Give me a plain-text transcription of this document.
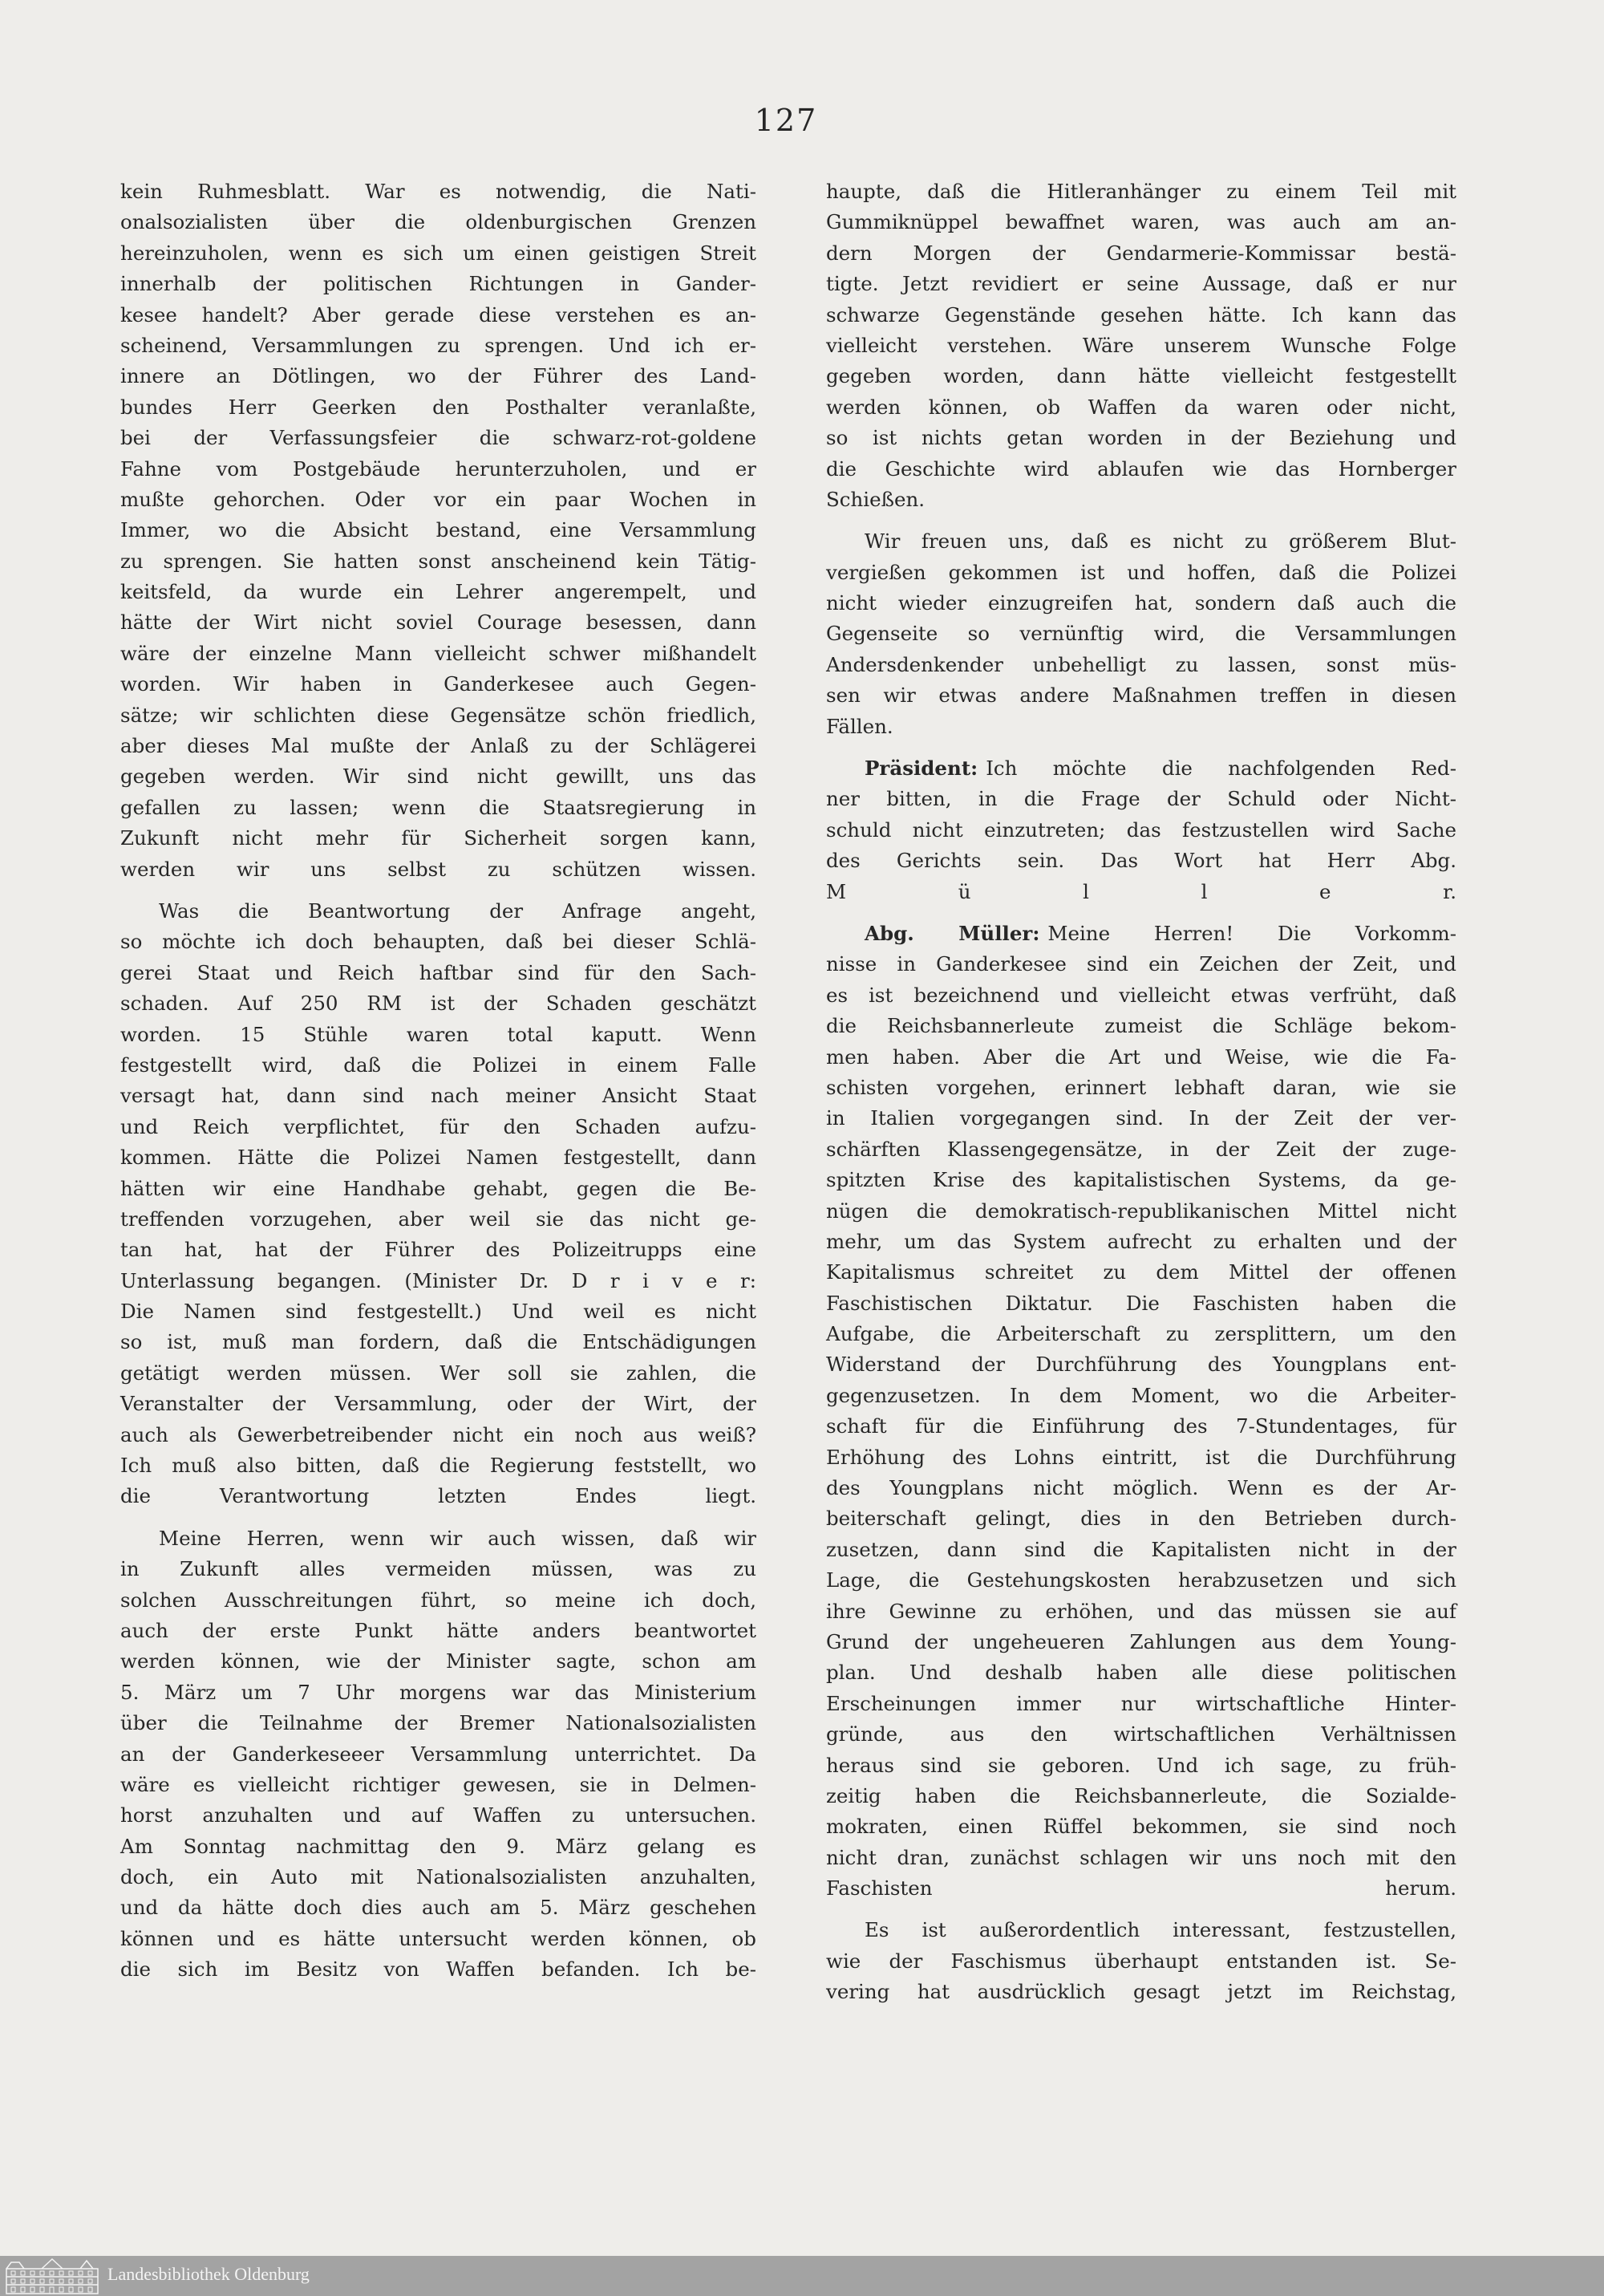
127
kein Ruhmesblatt. War es notwendig, die Nati-
onalsozialisten über die oldenburgischen Grenzen
hereinzuholen, wenn es sich um einen geistigen Streit
innerhalb der politischen Richtungen in Gander-
kesee handelt? Aber gerade diese verstehen es an-
scheinend, Versammlungen zu sprengen. Und ich er-
innere an Dötlingen, wo der Führer des Land-
bundes Herr Geerken den Posthalter veranlaßte,
bei der Verfassungsfeier die schwarz-rot-goldene
Fahne vom Postgebäude herunterzuholen, und er
mußte gehorchen. Oder vor ein paar Wochen in
Immer, wo die Absicht bestand, eine Versammlung
zu sprengen. Sie hatten sonst anscheinend kein Tätig-
keitsfeld, da wurde ein Lehrer angerempelt, und
hätte der Wirt nicht soviel Courage besessen, dann
wäre der einzelne Mann vielleicht schwer mißhandelt
worden. Wir haben in Ganderkesee auch Gegen-
sätze; wir schlichten diese Gegensätze schön friedlich,
aber dieses Mal mußte der Anlaß zu der Schlägerei
gegeben werden. Wir sind nicht gewillt, uns das
gefallen zu lassen; wenn die Staatsregierung in
Zukunft nicht mehr für Sicherheit sorgen kann,
werden wir uns selbst zu schützen wissen.
Was die Beantwortung der Anfrage angeht,
so möchte ich doch behaupten, daß bei dieser Schlä-
gerei Staat und Reich haftbar sind für den Sach-
schaden. Auf 250 RM ist der Schaden geschätzt
worden. 15 Stühle waren total kaputt. Wenn
festgestellt wird, daß die Polizei in einem Falle
versagt hat, dann sind nach meiner Ansicht Staat
und Reich verpflichtet, für den Schaden aufzu-
kommen. Hätte die Polizei Namen festgestellt, dann
hätten wir eine Handhabe gehabt, gegen die Be-
treffenden vorzugehen, aber weil sie das nicht ge-
tan hat, hat der Führer des Polizeitrupps eine
Unterlassung begangen. (Minister Dr. D r i v e r:
Die Namen sind festgestellt.) Und weil es nicht
so ist, muß man fordern, daß die Entschädigungen
getätigt werden müssen. Wer soll sie zahlen, die
Veranstalter der Versammlung, oder der Wirt, der
auch als Gewerbetreibender nicht ein noch aus weiß?
Ich muß also bitten, daß die Regierung feststellt, wo
die Verantwortung letzten Endes liegt.
Meine Herren, wenn wir auch wissen, daß wir
in Zukunft alles vermeiden müssen, was zu
solchen Ausschreitungen führt, so meine ich doch,
auch der erste Punkt hätte anders beantwortet
werden können, wie der Minister sagte, schon am
5. März um 7 Uhr morgens war das Ministerium
über die Teilnahme der Bremer Nationalsozialisten
an der Ganderkeseeer Versammlung unterrichtet. Da
wäre es vielleicht richtiger gewesen, sie in Delmen-
horst anzuhalten und auf Waffen zu untersuchen.
Am Sonntag nachmittag den 9. März gelang es
doch, ein Auto mit Nationalsozialisten anzuhalten,
und da hätte doch dies auch am 5. März geschehen
können und es hätte untersucht werden können, ob
die sich im Besitz von Waffen befanden. Ich be-
haupte, daß die Hitleranhänger zu einem Teil mit
Gummiknüppel bewaffnet waren, was auch am an-
dern Morgen der Gendarmerie-Kommissar bestä-
tigte. Jetzt revidiert er seine Aussage, daß er nur
schwarze Gegenstände gesehen hätte. Ich kann das
vielleicht verstehen. Wäre unserem Wunsche Folge
gegeben worden, dann hätte vielleicht festgestellt
werden können, ob Waffen da waren oder nicht,
so ist nichts getan worden in der Beziehung und
die Geschichte wird ablaufen wie das Hornberger
Schießen.
Wir freuen uns, daß es nicht zu größerem Blut-
vergießen gekommen ist und hoffen, daß die Polizei
nicht wieder einzugreifen hat, sondern daß auch die
Gegenseite so vernünftig wird, die Versammlungen
Andersdenkender unbehelligt zu lassen, sonst müs-
sen wir etwas andere Maßnahmen treffen in diesen
Fällen.
Präsident: Ich möchte die nachfolgenden Red-
ner bitten, in die Frage der Schuld oder Nicht-
schuld nicht einzutreten; das festzustellen wird Sache
des Gerichts sein. Das Wort hat Herr Abg.
M ü l l e r.
Abg. Müller: Meine Herren! Die Vorkomm-
nisse in Ganderkesee sind ein Zeichen der Zeit, und
es ist bezeichnend und vielleicht etwas verfrüht, daß
die Reichsbannerleute zumeist die Schläge bekom-
men haben. Aber die Art und Weise, wie die Fa-
schisten vorgehen, erinnert lebhaft daran, wie sie
in Italien vorgegangen sind. In der Zeit der ver-
schärften Klassengegensätze, in der Zeit der zuge-
spitzten Krise des kapitalistischen Systems, da ge-
nügen die demokratisch-republikanischen Mittel nicht
mehr, um das System aufrecht zu erhalten und der
Kapitalismus schreitet zu dem Mittel der offenen
Faschistischen Diktatur. Die Faschisten haben die
Aufgabe, die Arbeiterschaft zu zersplittern, um den
Widerstand der Durchführung des Youngplans ent-
gegenzusetzen. In dem Moment, wo die Arbeiter-
schaft für die Einführung des 7-Stundentages, für
Erhöhung des Lohns eintritt, ist die Durchführung
des Youngplans nicht möglich. Wenn es der Ar-
beiterschaft gelingt, dies in den Betrieben durch-
zusetzen, dann sind die Kapitalisten nicht in der
Lage, die Gestehungskosten herabzusetzen und sich
ihre Gewinne zu erhöhen, und das müssen sie auf
Grund der ungeheueren Zahlungen aus dem Young-
plan. Und deshalb haben alle diese politischen
Erscheinungen immer nur wirtschaftliche Hinter-
gründe, aus den wirtschaftlichen Verhältnissen
heraus sind sie geboren. Und ich sage, zu früh-
zeitig haben die Reichsbannerleute, die Sozialde-
mokraten, einen Rüffel bekommen, sie sind noch
nicht dran, zunächst schlagen wir uns noch mit den
Faschisten herum.
Es ist außerordentlich interessant, festzustellen,
wie der Faschismus überhaupt entstanden ist. Se-
vering hat ausdrücklich gesagt jetzt im Reichstag,
Landesbibliothek Oldenburg
